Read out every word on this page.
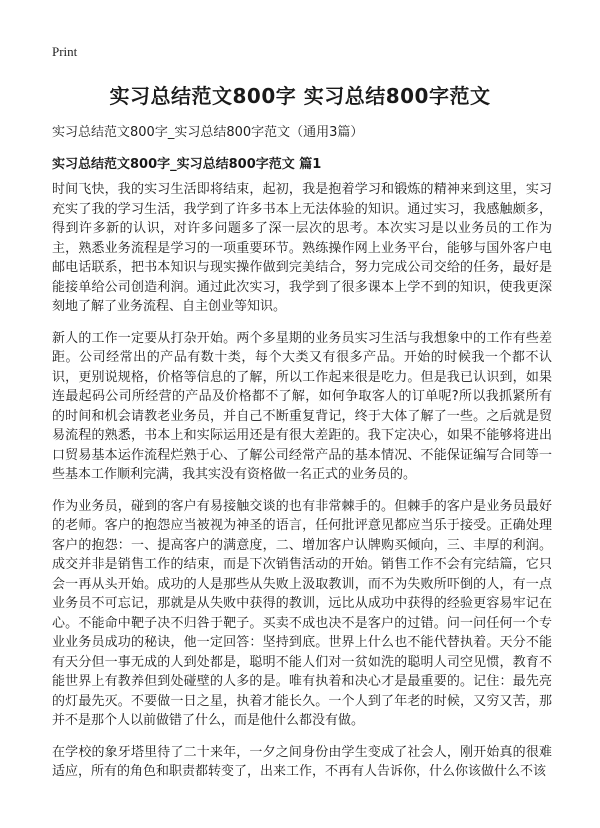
Print
实习总结范文800字 实习总结800字范文
实习总结范文800字_实习总结800字范文（通用3篇）
实习总结范文800字_实习总结800字范文 篇1

时间飞快，我的实习生活即将结束，起初，我是抱着学习和锻炼的精神来到这里，实习充实了我的学习生活，我学到了许多书本上无法体验的知识。通过实习，我感触颇多，得到许多新的认识，对许多问题多了深一层次的思考。本次实习是以业务员的工作为主，熟悉业务流程是学习的一项重要环节。熟练操作网上业务平台，能够与国外客户电邮电话联系，把书本知识与现实操作做到完美结合，努力完成公司交给的任务，最好是能接单给公司创造利润。通过此次实习，我学到了很多课本上学不到的知识，使我更深刻地了解了业务流程、自主创业等知识。

新人的工作一定要从打杂开始。两个多星期的业务员实习生活与我想象中的工作有些差距。公司经常出的产品有数十类，每个大类又有很多产品。开始的时候我一个都不认识，更别说规格，价格等信息的了解，所以工作起来很是吃力。但是我已认识到，如果连最起码公司所经营的产品及价格都不了解，如何争取客人的订单呢?所以我抓紧所有的时间和机会请教老业务员，并自己不断重复背记，终于大体了解了一些。之后就是贸易流程的熟悉，书本上和实际运用还是有很大差距的。我下定决心，如果不能够将进出口贸易基本运作流程烂熟于心、了解公司经常产品的基本情况、不能保证编写合同等一些基本工作顺利完满，我其实没有资格做一名正式的业务员的。

作为业务员，碰到的客户有易接触交谈的也有非常棘手的。但棘手的客户是业务员最好的老师。客户的抱怨应当被视为神圣的语言，任何批评意见都应当乐于接受。正确处理客户的抱怨：一、提高客户的满意度，二、增加客户认牌购买倾向，三、丰厚的利润。成交并非是销售工作的结束，而是下次销售活动的开始。销售工作不会有完结篇，它只会一再从头开始。成功的人是那些从失败上汲取教训，而不为失败所吓倒的人，有一点业务员不可忘记，那就是从失败中获得的教训，远比从成功中获得的经验更容易牢记在心。不能命中靶子决不归咎于靶子。买卖不成也决不是客户的过错。问一问任何一个专业业务员成功的秘诀，他一定回答：坚持到底。世界上什么也不能代替执着。天分不能有天分但一事无成的人到处都是，聪明不能人们对一贫如洗的聪明人司空见惯，教育不能世界上有教养但到处碰壁的人多的是。唯有执着和决心才是最重要的。记住：最先亮的灯最先灭。不要做一日之星，执着才能长久。一个人到了年老的时候，又穷又苦，那并不是那个人以前做错了什么，而是他什么都没有做。

在学校的象牙塔里待了二十来年，一夕之间身份由学生变成了社会人，刚开始真的很难适应，所有的角色和职责都转变了，出来工作，不再有人告诉你，什么你该做什么不该
